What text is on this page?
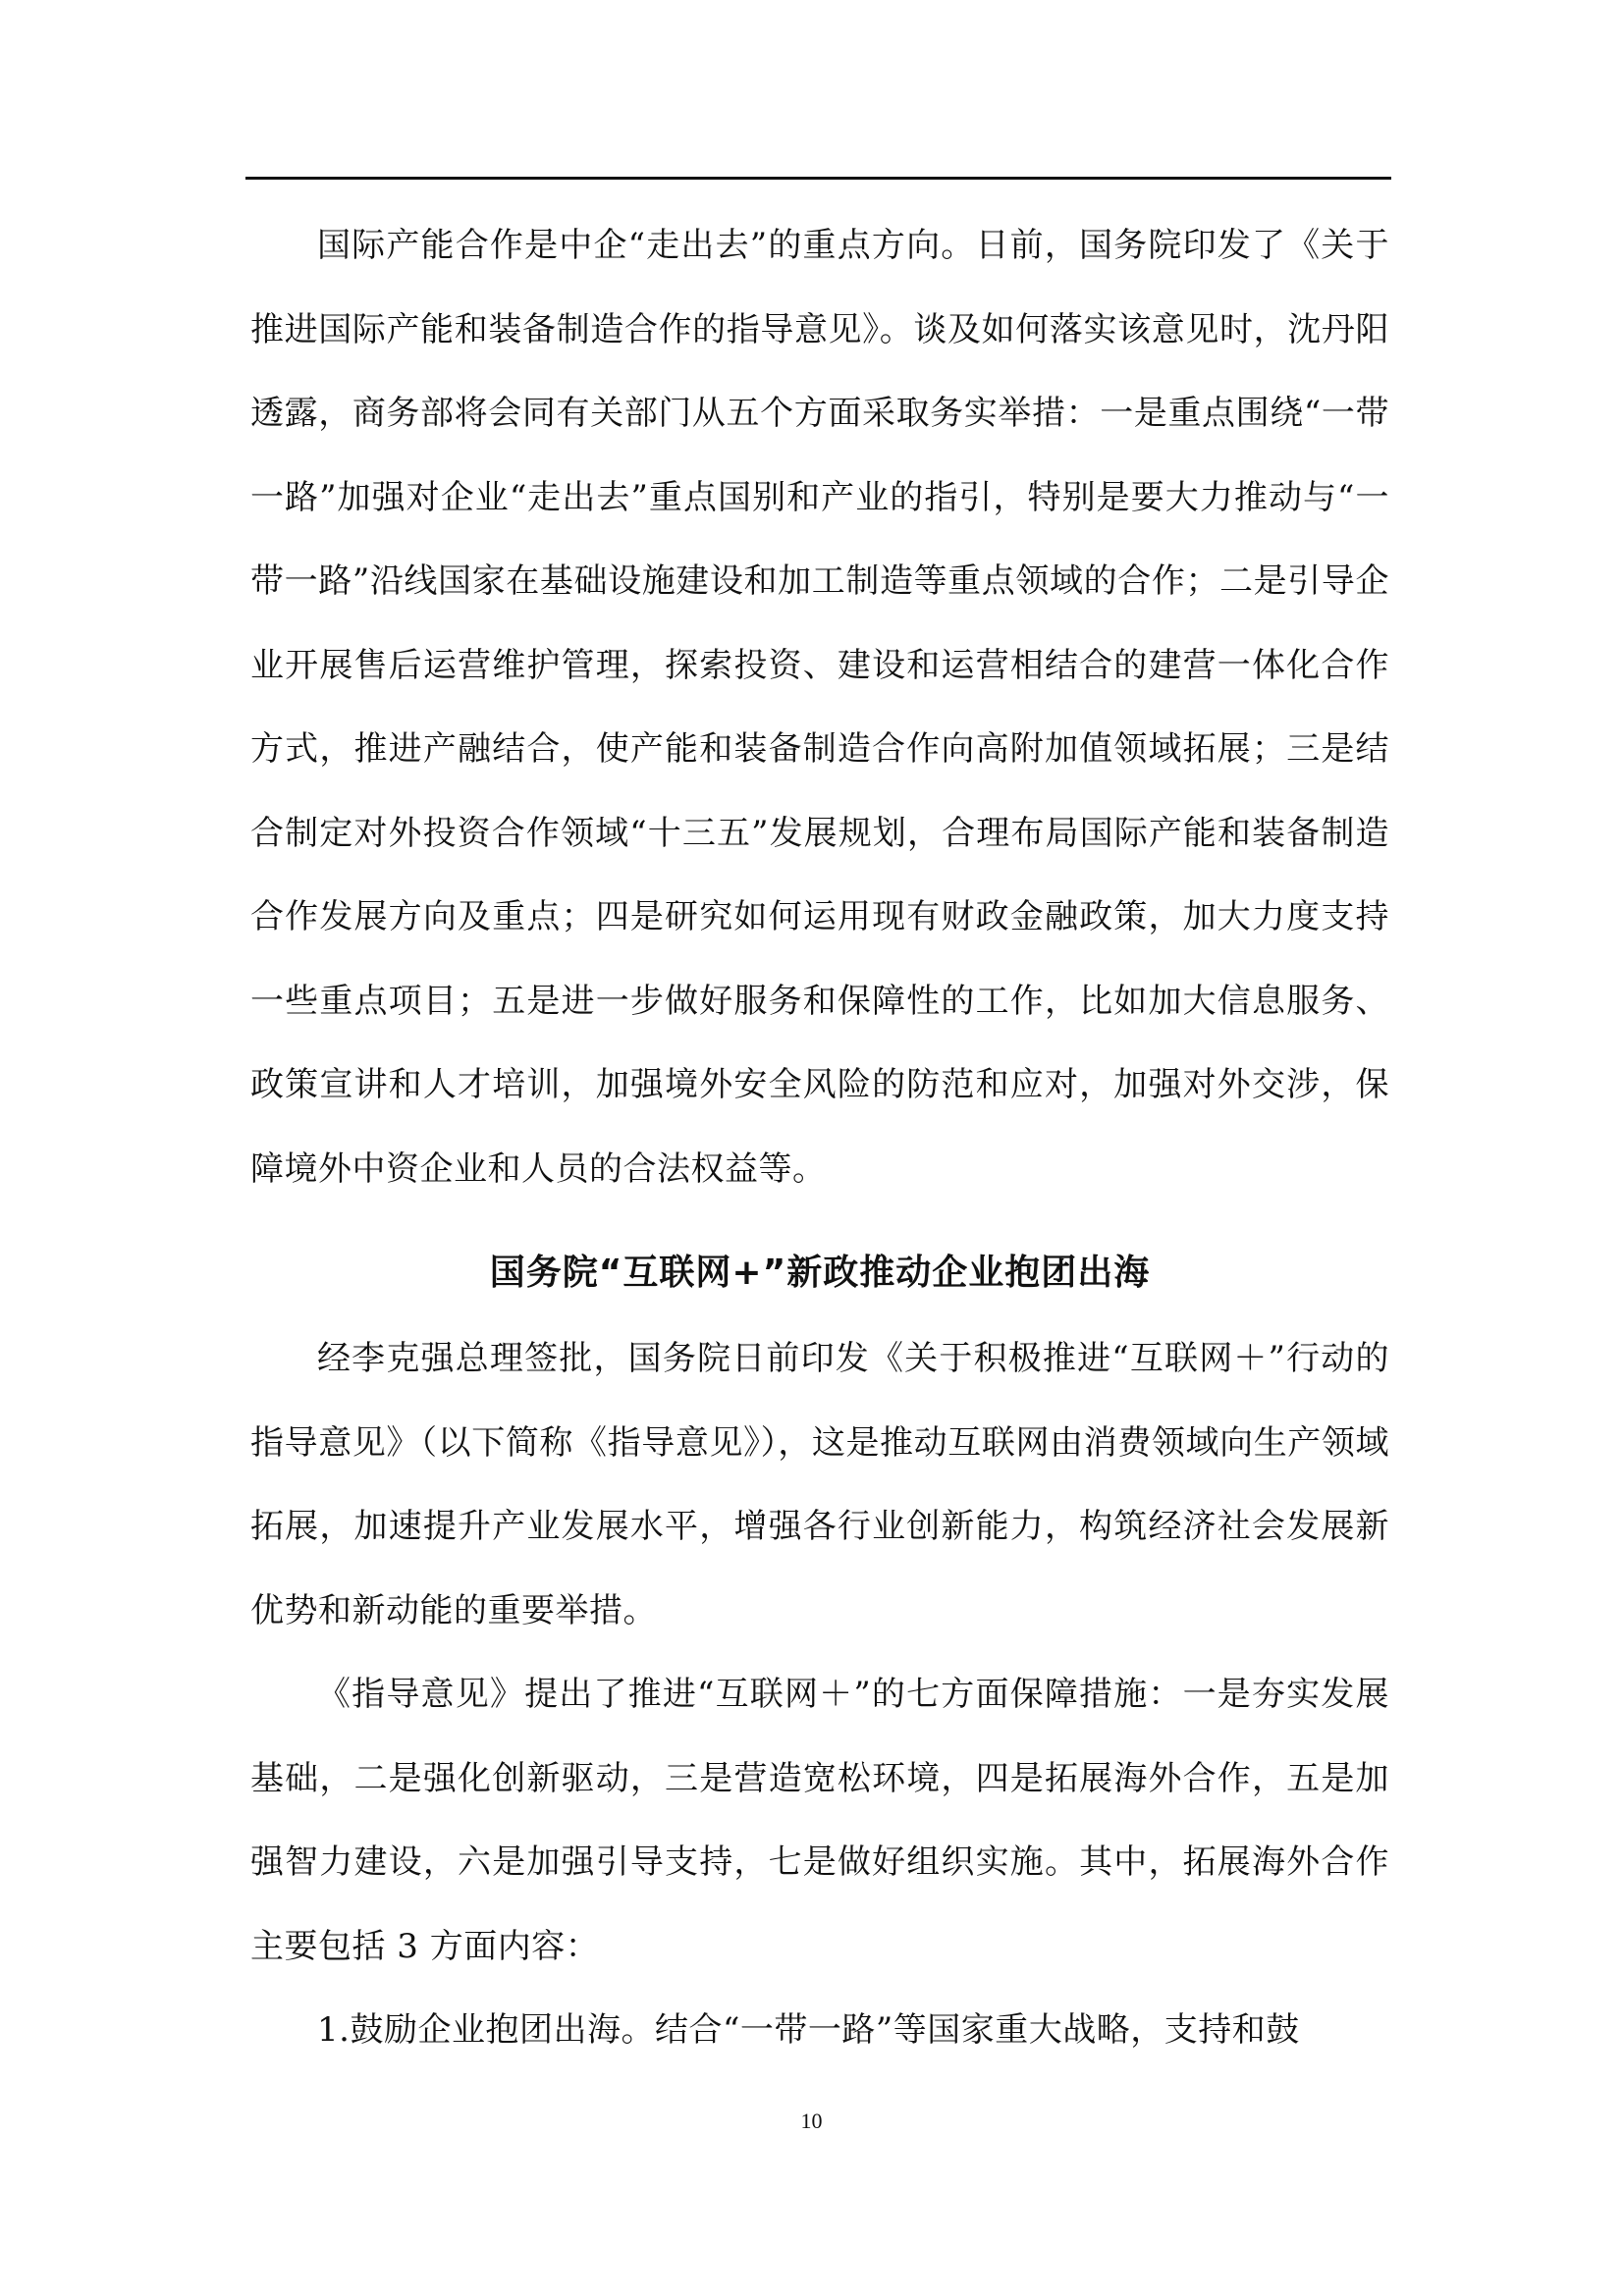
国际产能合作是中企“走出去”的重点方向。日前，国务院印发了《关于推进国际产能和装备制造合作的指导意见》。谈及如何落实该意见时，沈丹阳透露，商务部将会同有关部门从五个方面采取务实举措：一是重点围绕“一带一路”加强对企业“走出去”重点国别和产业的指引，特别是要大力推动与“一带一路”沿线国家在基础设施建设和加工制造等重点领域的合作；二是引导企业开展售后运营维护管理，探索投资、建设和运营相结合的建营一体化合作方式，推进产融结合，使产能和装备制造合作向高附加值领域拓展；三是结合制定对外投资合作领域“十三五”发展规划，合理布局国际产能和装备制造合作发展方向及重点；四是研究如何运用现有财政金融政策，加大力度支持一些重点项目；五是进一步做好服务和保障性的工作，比如加大信息服务、政策宣讲和人才培训，加强境外安全风险的防范和应对，加强对外交涉，保障境外中资企业和人员的合法权益等。

国务院“互联网+”新政推动企业抱团出海

经李克强总理签批，国务院日前印发《关于积极推进“互联网＋”行动的指导意见》（以下简称《指导意见》），这是推动互联网由消费领域向生产领域拓展，加速提升产业发展水平，增强各行业创新能力，构筑经济社会发展新优势和新动能的重要举措。

《指导意见》提出了推进“互联网＋”的七方面保障措施：一是夯实发展基础，二是强化创新驱动，三是营造宽松环境，四是拓展海外合作，五是加强智力建设，六是加强引导支持，七是做好组织实施。其中，拓展海外合作主要包括 3 方面内容：

1.鼓励企业抱团出海。结合“一带一路”等国家重大战略，支持和鼓

10
